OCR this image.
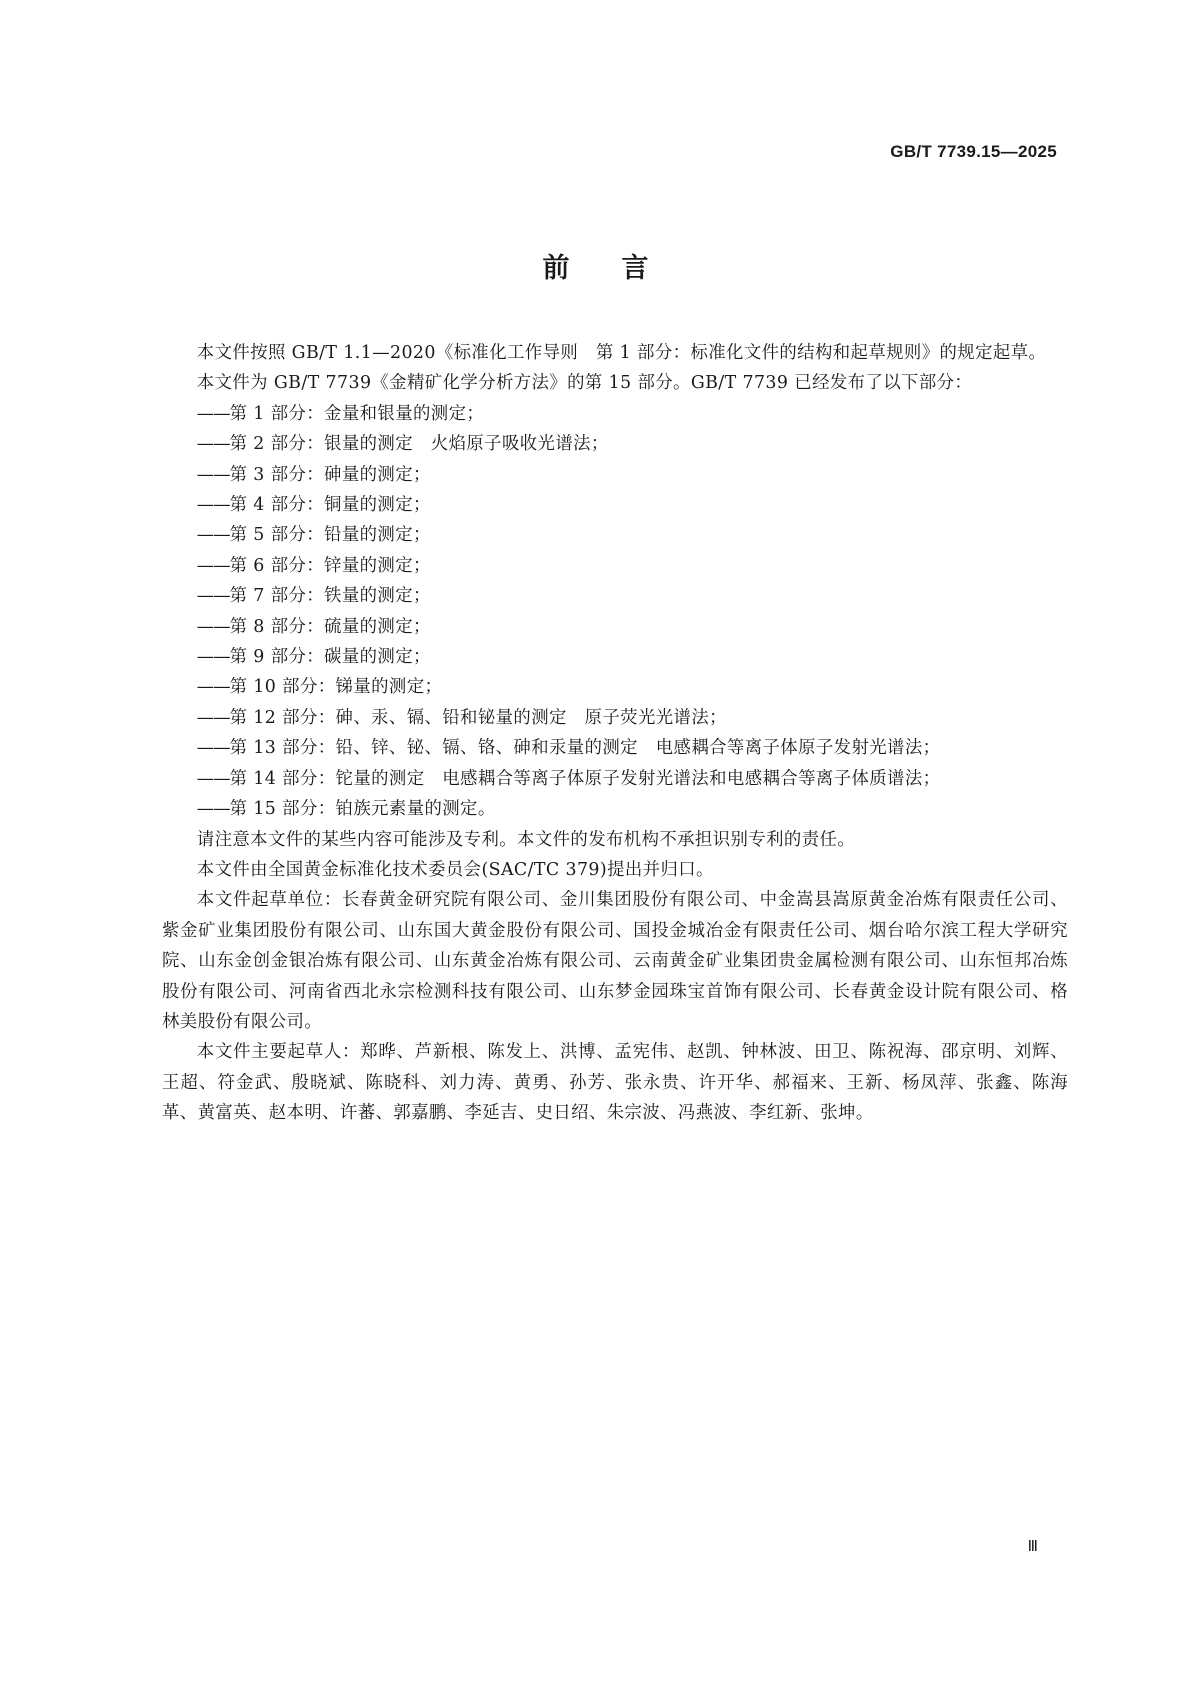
GB/T 7739.15—2025
前言

本文件按照 GB/T 1.1—2020《标准化工作导则　第 1 部分：标准化文件的结构和起草规则》的规定起草。

本文件为 GB/T 7739《金精矿化学分析方法》的第 15 部分。GB/T 7739 已经发布了以下部分：

——第 1 部分：金量和银量的测定；
——第 2 部分：银量的测定　火焰原子吸收光谱法；
——第 3 部分：砷量的测定；
——第 4 部分：铜量的测定；
——第 5 部分：铅量的测定；
——第 6 部分：锌量的测定；
——第 7 部分：铁量的测定；
——第 8 部分：硫量的测定；
——第 9 部分：碳量的测定；
——第 10 部分：锑量的测定；
——第 12 部分：砷、汞、镉、铅和铋量的测定　原子荧光光谱法；
——第 13 部分：铅、锌、铋、镉、铬、砷和汞量的测定　电感耦合等离子体原子发射光谱法；
——第 14 部分：铊量的测定　电感耦合等离子体原子发射光谱法和电感耦合等离子体质谱法；
——第 15 部分：铂族元素量的测定。

请注意本文件的某些内容可能涉及专利。本文件的发布机构不承担识别专利的责任。

本文件由全国黄金标准化技术委员会(SAC/TC 379)提出并归口。

本文件起草单位：长春黄金研究院有限公司、金川集团股份有限公司、中金嵩县嵩原黄金冶炼有限责任公司、紫金矿业集团股份有限公司、山东国大黄金股份有限公司、国投金城冶金有限责任公司、烟台哈尔滨工程大学研究院、山东金创金银冶炼有限公司、山东黄金冶炼有限公司、云南黄金矿业集团贵金属检测有限公司、山东恒邦冶炼股份有限公司、河南省西北永宗检测科技有限公司、山东梦金园珠宝首饰有限公司、长春黄金设计院有限公司、格林美股份有限公司。

本文件主要起草人：郑晔、芦新根、陈发上、洪博、孟宪伟、赵凯、钟林波、田卫、陈祝海、邵京明、刘辉、王超、符金武、殷晓斌、陈晓科、刘力涛、黄勇、孙芳、张永贵、许开华、郝福来、王新、杨凤萍、张鑫、陈海革、黄富英、赵本明、许蕃、郭嘉鹏、李延吉、史日绍、朱宗波、冯燕波、李红新、张坤。

Ⅲ
